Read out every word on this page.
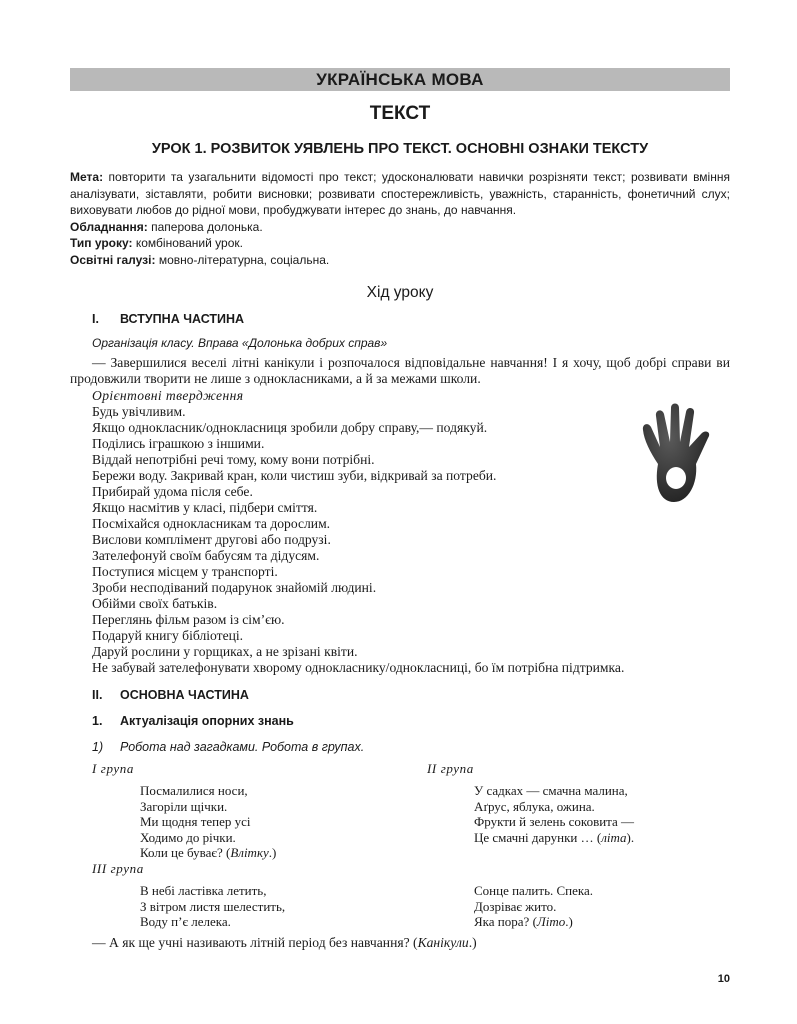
УКРАЇНСЬКА МОВА
ТЕКСТ
УРОК 1. РОЗВИТОК УЯВЛЕНЬ ПРО ТЕКСТ. ОСНОВНІ ОЗНАКИ ТЕКСТУ

Мета: повторити та узагальнити відомості про текст; удосконалювати навички розрізняти текст; розвивати вміння аналізувати, зіставляти, робити висновки; розвивати спостережливість, уважність, старанність, фонетичний слух; виховувати любов до рідної мови, пробуджувати інтерес до знань, до навчання.

Обладнання: паперова долонька.

Тип уроку: комбінований урок.

Освітні галузі: мовно-літературна, соціальна.

Хід уроку
I. ВСТУПНА ЧАСТИНА
Організація класу. Вправа «Долонька добрих справ»
— Завершилися веселі літні канікули і розпочалося відповідальне навчання! І я хочу, щоб добрі справи ви продовжили творити не лише з однокласниками, а й за межами школи.
Орієнтовні твердження
Будь увічливим.
Якщо однокласник/однокласниця зробили добру справу,— подякуй.
Поділись іграшкою з іншими.
Віддай непотрібні речі тому, кому вони потрібні.
Бережи воду. Закривай кран, коли чистиш зуби, відкривай за потреби.
Прибирай удома після себе.
Якщо насмітив у класі, підбери сміття.
Посміхайся однокласникам та дорослим.
Вислови комплімент другові або подрузі.
Зателефонуй своїм бабусям та дідусям.
Поступися місцем у транспорті.
Зроби несподіваний подарунок знайомій людині.
Обійми своїх батьків.
Переглянь фільм разом із сім’єю.
Подаруй книгу бібліотеці.
Даруй рослини у горщиках, а не зрізані квіти.
Не забувай зателефонувати хворому однокласнику/однокласниці, бо їм потрібна підтримка.
II. ОСНОВНА ЧАСТИНА
1. Актуалізація опорних знань
1) Робота над загадками. Робота в групах.
I група
Посмалилися носи,
Загоріли щічки.
Ми щодня тепер усі
Ходимо до річки.
Коли це буває? (Влітку.)
II група
У садках — смачна малина,
Аґрус, яблука, ожина.
Фрукти й зелень соковита —
Це смачні дарунки … (літа).
III група
В небі ластівка летить,
З вітром листя шелестить,
Воду п’є лелека.
Сонце палить. Спека.
Дозріває жито.
Яка пора? (Літо.)
— А як ще учні називають літній період без навчання? (Канікули.)
10
